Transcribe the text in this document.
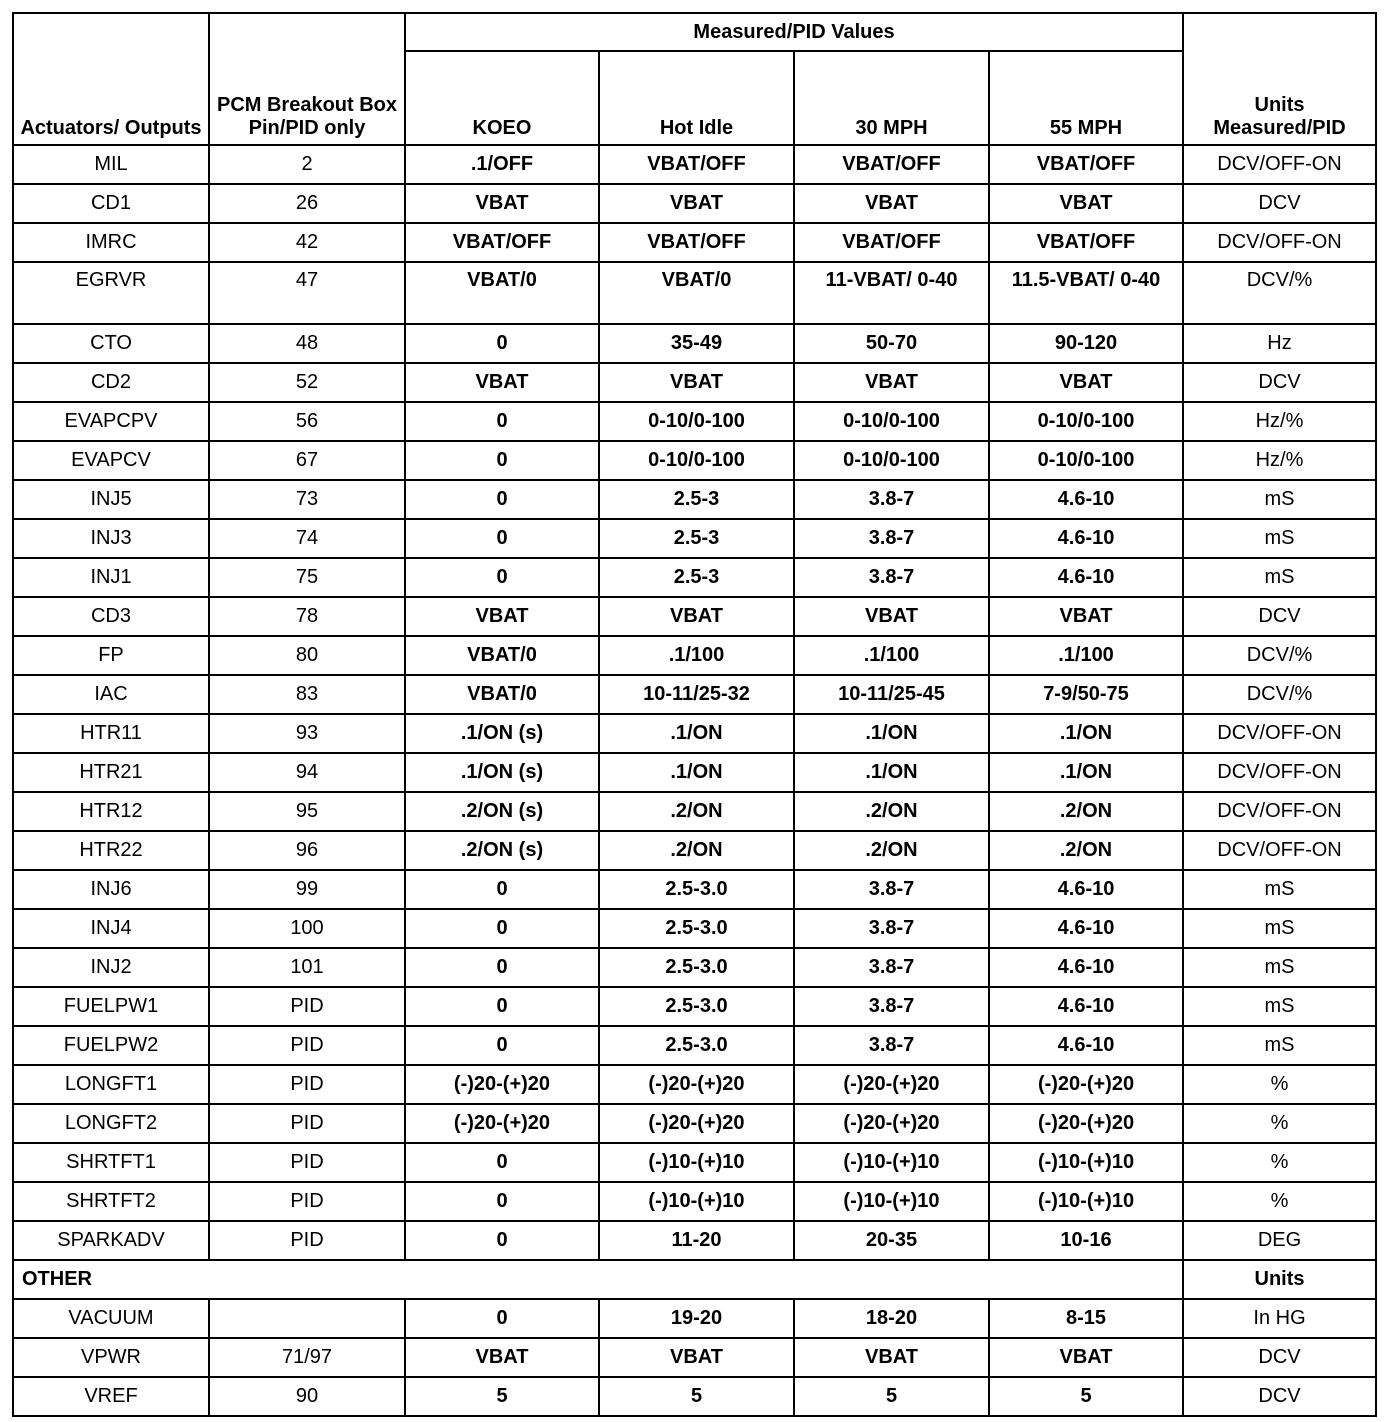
Actuators/ Outputs	PCM Breakout Box Pin/PID only	Measured/PID Values				Units Measured/PID
		KOEO	Hot Idle	30 MPH	55 MPH	
MIL	2	.1/OFF	VBAT/OFF	VBAT/OFF	VBAT/OFF	DCV/OFF-ON
CD1	26	VBAT	VBAT	VBAT	VBAT	DCV
IMRC	42	VBAT/OFF	VBAT/OFF	VBAT/OFF	VBAT/OFF	DCV/OFF-ON
EGRVR	47	VBAT/0	VBAT/0	11-VBAT/ 0-40	11.5-VBAT/ 0-40	DCV/%
CTO	48	0	35-49	50-70	90-120	Hz
CD2	52	VBAT	VBAT	VBAT	VBAT	DCV
EVAPCPV	56	0	0-10/0-100	0-10/0-100	0-10/0-100	Hz/%
EVAPCV	67	0	0-10/0-100	0-10/0-100	0-10/0-100	Hz/%
INJ5	73	0	2.5-3	3.8-7	4.6-10	mS
INJ3	74	0	2.5-3	3.8-7	4.6-10	mS
INJ1	75	0	2.5-3	3.8-7	4.6-10	mS
CD3	78	VBAT	VBAT	VBAT	VBAT	DCV
FP	80	VBAT/0	.1/100	.1/100	.1/100	DCV/%
IAC	83	VBAT/0	10-11/25-32	10-11/25-45	7-9/50-75	DCV/%
HTR11	93	.1/ON (s)	.1/ON	.1/ON	.1/ON	DCV/OFF-ON
HTR21	94	.1/ON (s)	.1/ON	.1/ON	.1/ON	DCV/OFF-ON
HTR12	95	.2/ON (s)	.2/ON	.2/ON	.2/ON	DCV/OFF-ON
HTR22	96	.2/ON (s)	.2/ON	.2/ON	.2/ON	DCV/OFF-ON
INJ6	99	0	2.5-3.0	3.8-7	4.6-10	mS
INJ4	100	0	2.5-3.0	3.8-7	4.6-10	mS
INJ2	101	0	2.5-3.0	3.8-7	4.6-10	mS
FUELPW1	PID	0	2.5-3.0	3.8-7	4.6-10	mS
FUELPW2	PID	0	2.5-3.0	3.8-7	4.6-10	mS
LONGFT1	PID	(-)20-(+)20	(-)20-(+)20	(-)20-(+)20	(-)20-(+)20	%
LONGFT2	PID	(-)20-(+)20	(-)20-(+)20	(-)20-(+)20	(-)20-(+)20	%
SHRTFT1	PID	0	(-)10-(+)10	(-)10-(+)10	(-)10-(+)10	%
SHRTFT2	PID	0	(-)10-(+)10	(-)10-(+)10	(-)10-(+)10	%
SPARKADV	PID	0	11-20	20-35	10-16	DEG
OTHER						Units
VACUUM		0	19-20	18-20	8-15	In HG
VPWR	71/97	VBAT	VBAT	VBAT	VBAT	DCV
VREF	90	5	5	5	5	DCV
